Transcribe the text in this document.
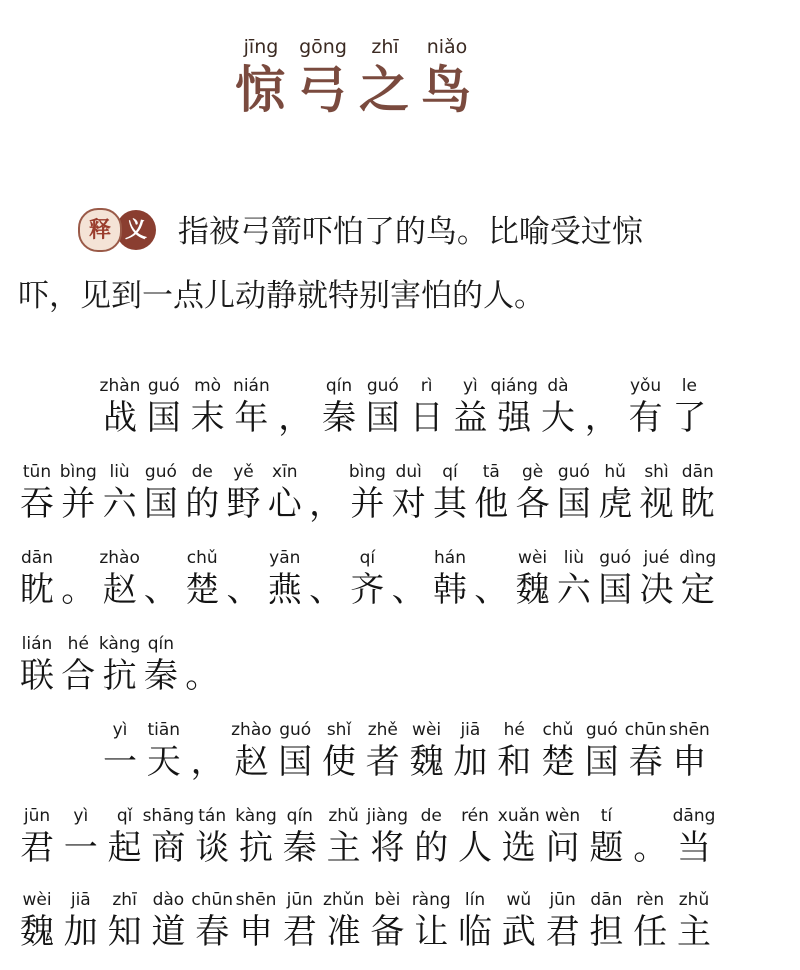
jīng	gōng	zhī	niǎo
惊 弓 之 鸟
释 义 指被弓箭吓怕了的鸟。比喻受过惊
吓，见到一点儿动静就特别害怕的人。
zhàn
战
guó
国
mò
末
nián
年 ，
qín
秦
guó
国
rì
日
yì
益
qiáng
强
dà
大 ，
yǒu
有
le
了
tūn
吞
bìng
并
liù
六
guó
国
de
的
yě
野
xīn
心 ，
bìng
并
duì
对
qí
其
tā
他
gè
各
guó
国
hǔ
虎
shì
视
dān
眈
dān
眈 。
zhào
赵 、
chǔ
楚 、
yān
燕 、
qí
齐 、
hán
韩 、
wèi
魏
liù
六
guó
国
jué
决
dìng
定
lián
联
hé
合
kàng
抗
qín
秦 。
yì
一
tiān
天 ，
zhào
赵
guó
国
shǐ
使
zhě
者
wèi
魏
jiā
加
hé
和
chǔ
楚
guó
国
chūn
春
shēn
申
jūn
君
yì
一
qǐ
起
shāng
商
tán
谈
kàng
抗
qín
秦
zhǔ
主
jiàng
将
de
的
rén
人
xuǎn
选
wèn
问
tí
题 。
dāng
当
wèi
魏
jiā
加
zhī
知
dào
道
chūn
春
shēn
申
jūn
君
zhǔn
准
bèi
备
ràng
让
lín
临
wǔ
武
jūn
君
dān
担
rèn
任
zhǔ
主
